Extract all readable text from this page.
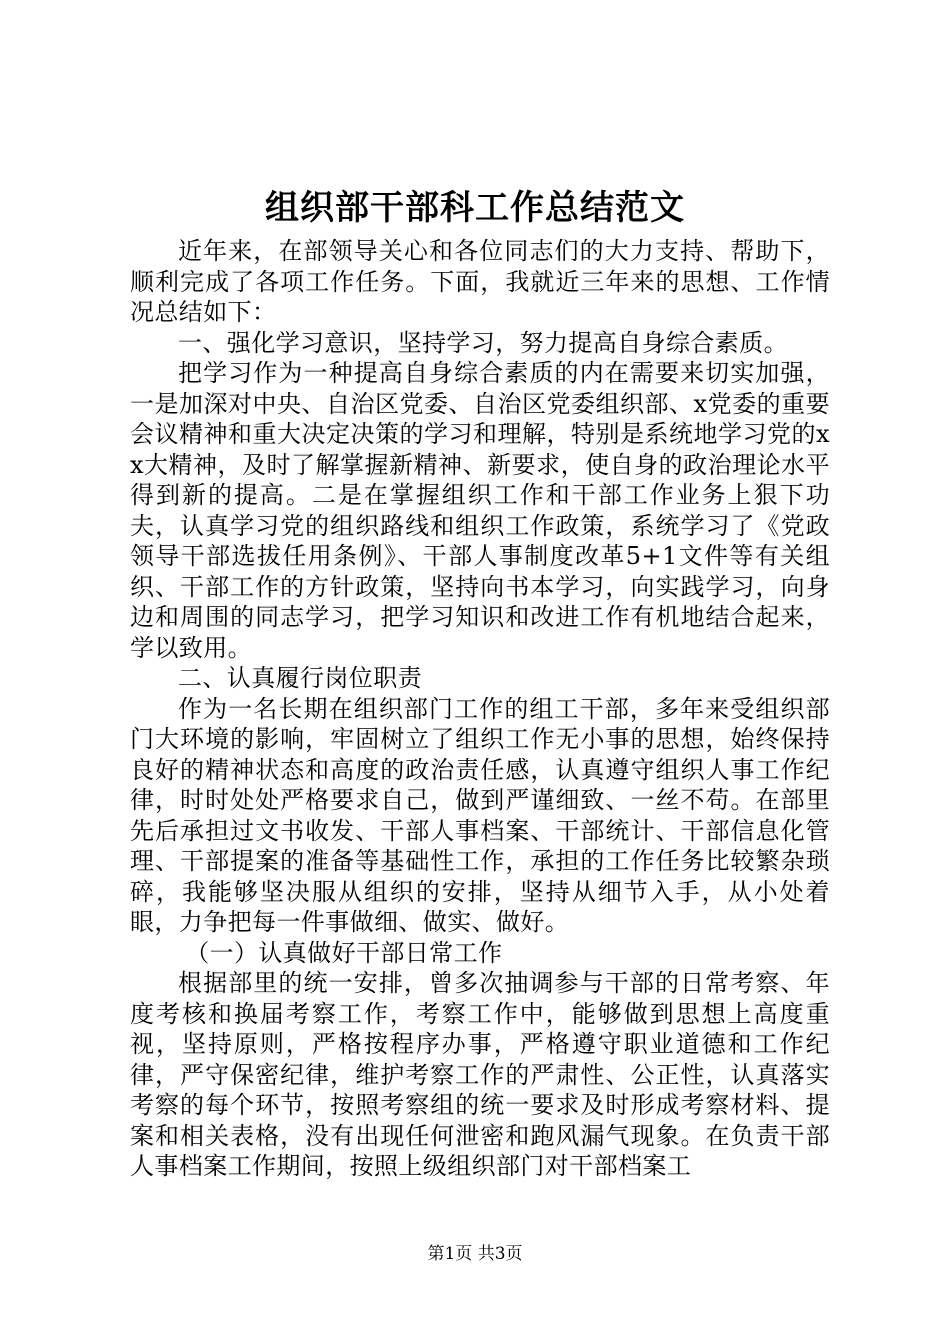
组织部干部科工作总结范文

近年来，在部领导关心和各位同志们的大力支持、帮助下，顺利完成了各项工作任务。下面，我就近三年来的思想、工作情况总结如下：

一、强化学习意识，坚持学习，努力提高自身综合素质。

把学习作为一种提高自身综合素质的内在需要来切实加强，一是加深对中央、自治区党委、自治区党委组织部、x党委的重要会议精神和重大决定决策的学习和理解，特别是系统地学习党的xx大精神，及时了解掌握新精神、新要求，使自身的政治理论水平得到新的提高。二是在掌握组织工作和干部工作业务上狠下功夫，认真学习党的组织路线和组织工作政策，系统学习了《党政领导干部选拔任用条例》、干部人事制度改革5+1文件等有关组织、干部工作的方针政策，坚持向书本学习，向实践学习，向身边和周围的同志学习，把学习知识和改进工作有机地结合起来，学以致用。

二、认真履行岗位职责

作为一名长期在组织部门工作的组工干部，多年来受组织部门大环境的影响，牢固树立了组织工作无小事的思想，始终保持良好的精神状态和高度的政治责任感，认真遵守组织人事工作纪律，时时处处严格要求自己，做到严谨细致、一丝不苟。在部里先后承担过文书收发、干部人事档案、干部统计、干部信息化管理、干部提案的准备等基础性工作，承担的工作任务比较繁杂琐碎，我能够坚决服从组织的安排，坚持从细节入手，从小处着眼，力争把每一件事做细、做实、做好。

（一）认真做好干部日常工作

根据部里的统一安排，曾多次抽调参与干部的日常考察、年度考核和换届考察工作，考察工作中，能够做到思想上高度重视，坚持原则，严格按程序办事，严格遵守职业道德和工作纪律，严守保密纪律，维护考察工作的严肃性、公正性，认真落实考察的每个环节，按照考察组的统一要求及时形成考察材料、提案和相关表格，没有出现任何泄密和跑风漏气现象。在负责干部人事档案工作期间，按照上级组织部门对干部档案工

第1页 共3页
